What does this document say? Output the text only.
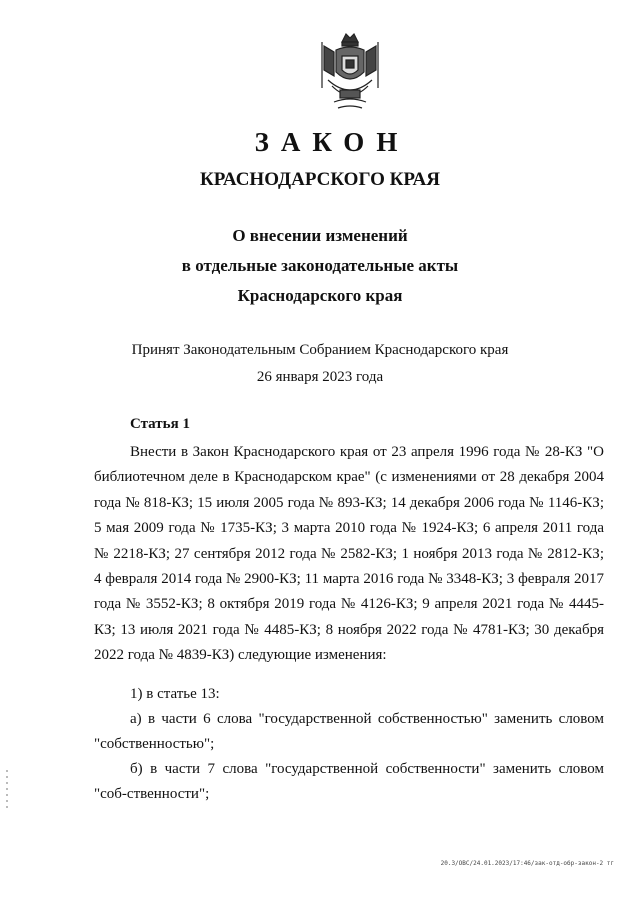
ЗАКОН
КРАСНОДАРСКОГО КРАЯ
О внесении изменений
в отдельные законодательные акты
Краснодарского края
Принят Законодательным Собранием Краснодарского края
26 января 2023 года
Статья 1
Внести в Закон Краснодарского края от 23 апреля 1996 года № 28-КЗ "О библиотечном деле в Краснодарском крае" (с изменениями от 28 декабря 2004 года № 818-КЗ; 15 июля 2005 года № 893-КЗ; 14 декабря 2006 года № 1146-КЗ; 5 мая 2009 года № 1735-КЗ; 3 марта 2010 года № 1924-КЗ; 6 апреля 2011 года № 2218-КЗ; 27 сентября 2012 года № 2582-КЗ; 1 ноября 2013 года № 2812-КЗ; 4 февраля 2014 года № 2900-КЗ; 11 марта 2016 года № 3348-КЗ; 3 февраля 2017 года № 3552-КЗ; 8 октября 2019 года № 4126-КЗ; 9 апреля 2021 года № 4445-КЗ; 13 июля 2021 года № 4485-КЗ; 8 ноября 2022 года № 4781-КЗ; 30 декабря 2022 года № 4839-КЗ) следующие изменения:
1) в статье 13:
а) в части 6 слова "государственной собственностью" заменить словом "собственностью";
б) в части 7 слова "государственной собственности" заменить словом "соб-ственности";
20.3/ОВС/24.01.2023/17:46/зак-отд-обр-закон-2 тг
